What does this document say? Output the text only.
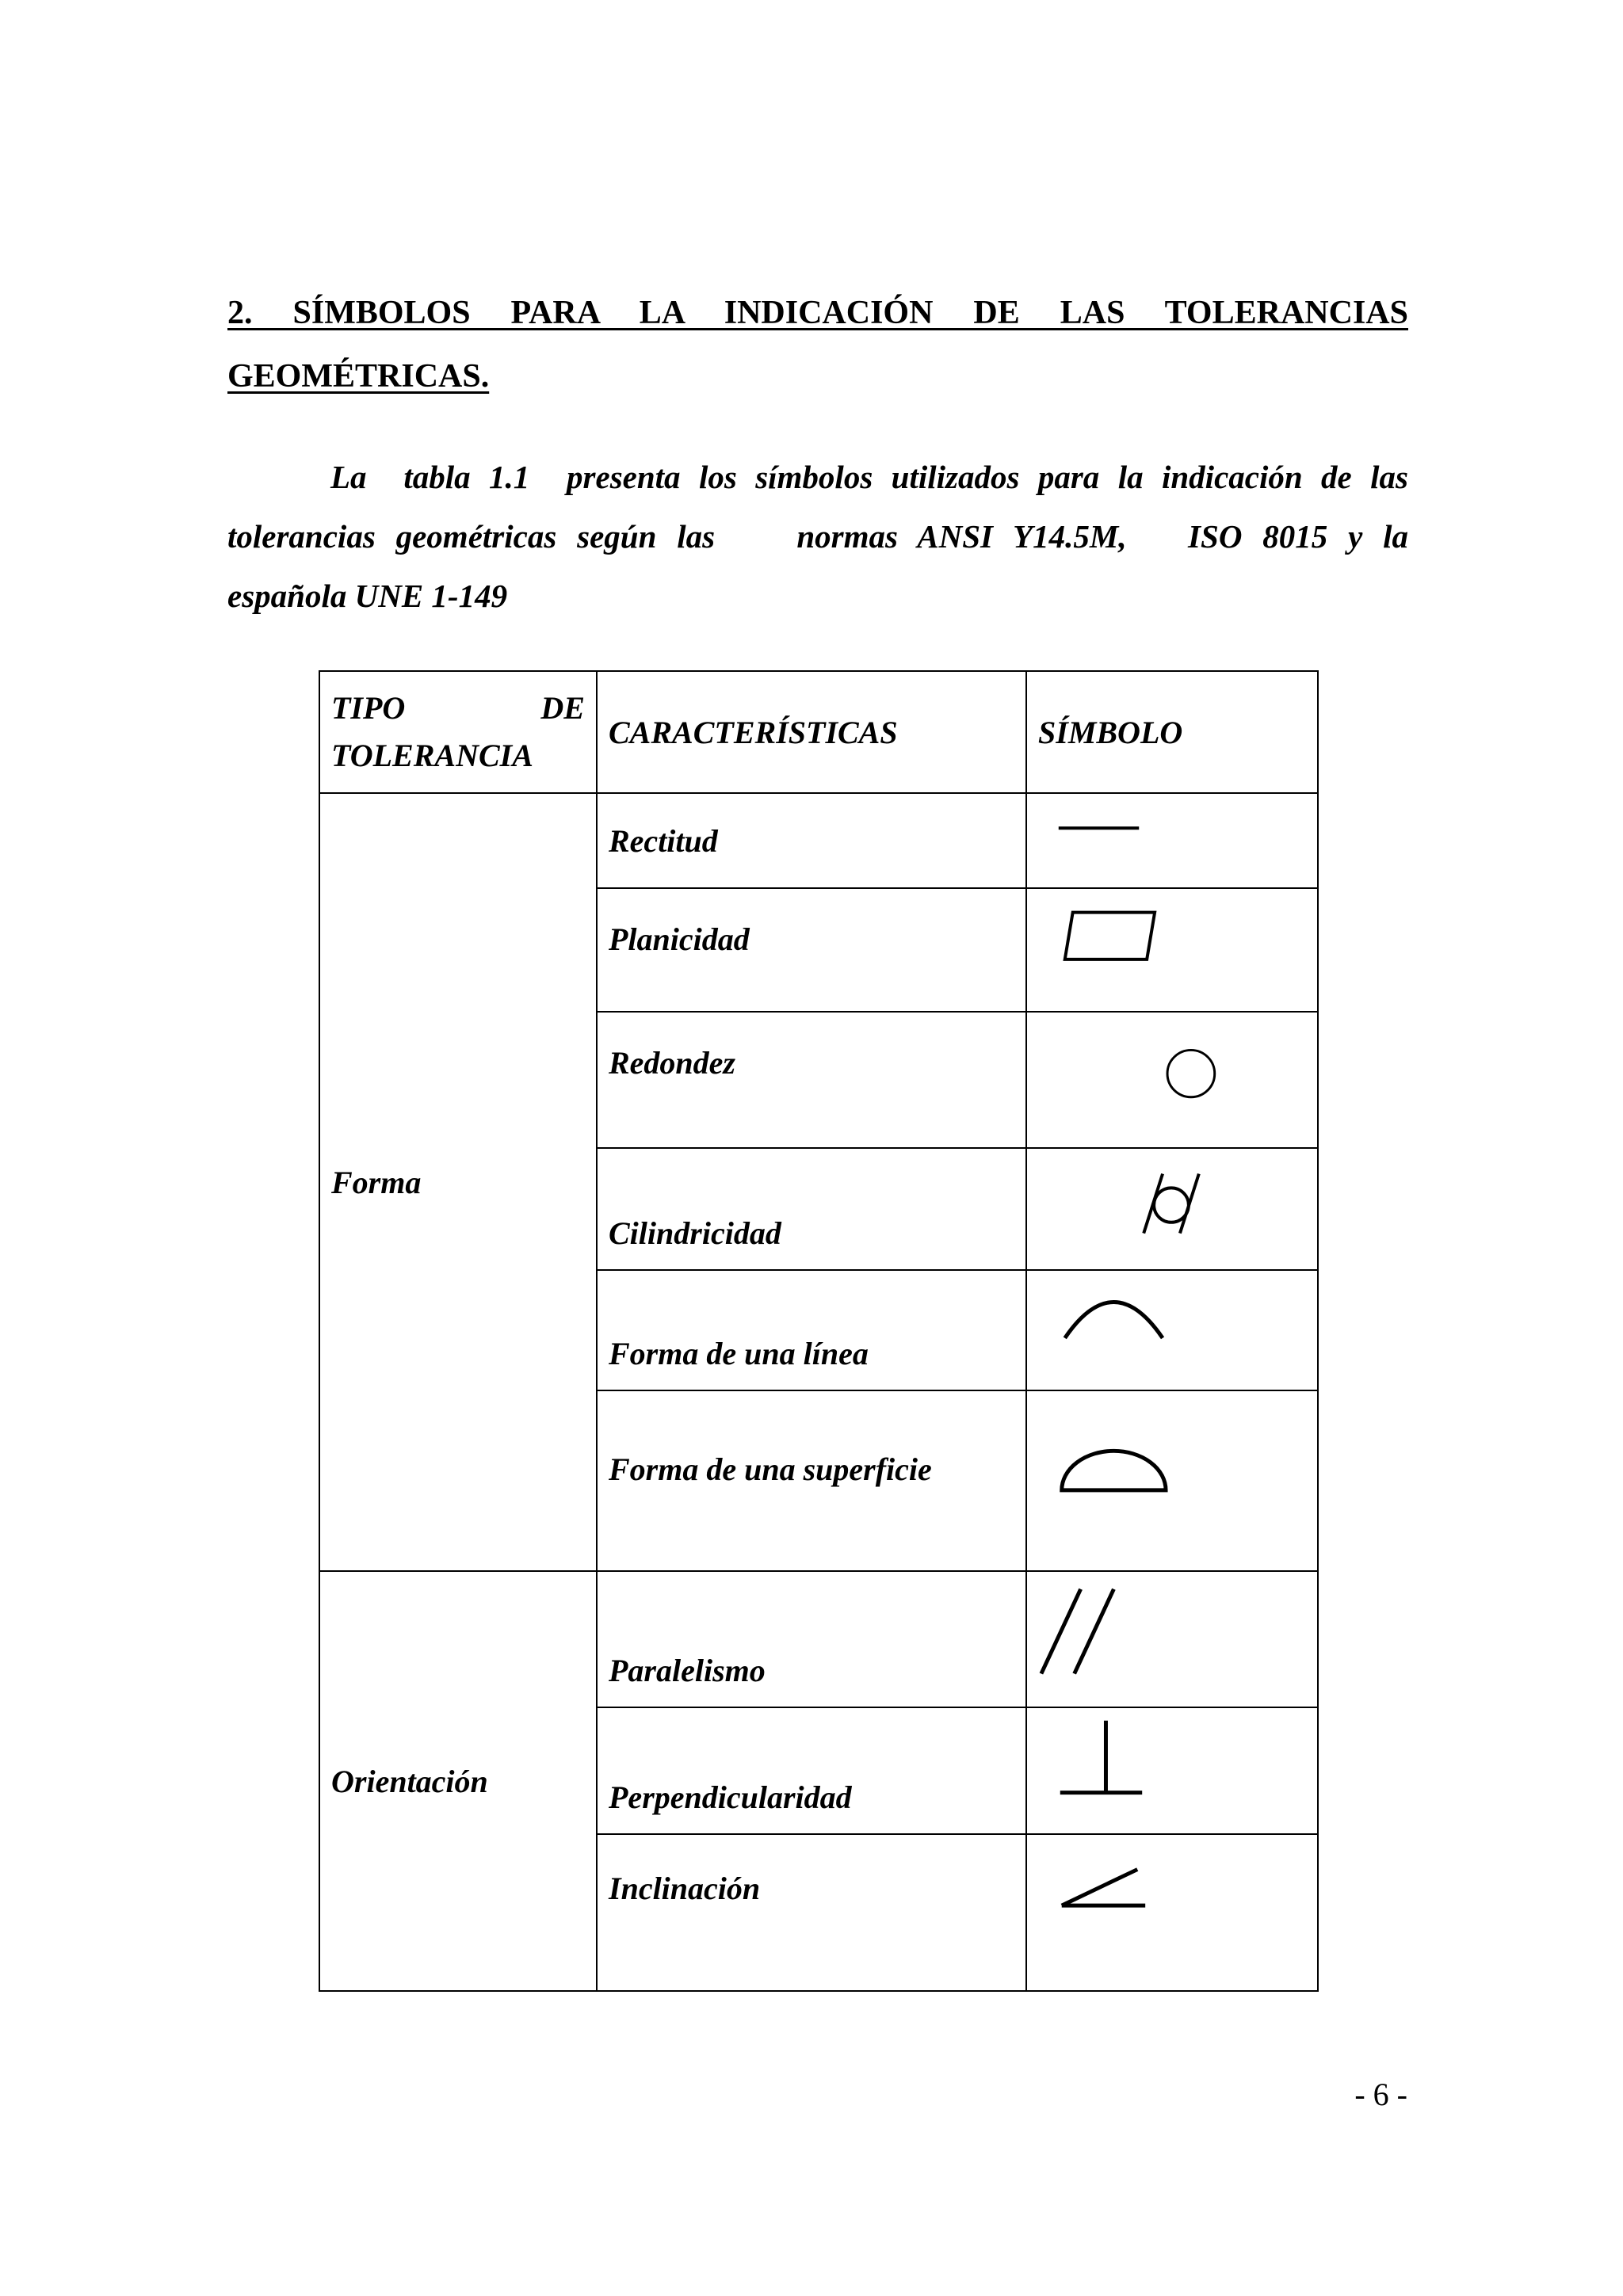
2. SÍMBOLOS PARA LA INDICACIÓN DE LAS TOLERANCIAS
GEOMÉTRICAS.
La  tabla 1.1  presenta los símbolos utilizados para la indicación de las
tolerancias geométricas según las    normas ANSI Y14.5M,   ISO 8015 y la
española UNE 1-149
TIPO DE
TOLERANCIA	CARACTERÍSTICAS	SÍMBOLO
Forma	Rectitud	

	Planicidad	

	Redondez	

	Cilindricidad	

	Forma de una línea	

	Forma de una superficie	

Orientación	Paralelismo	

	Perpendicularidad	

	Inclinación	
- 6 -
